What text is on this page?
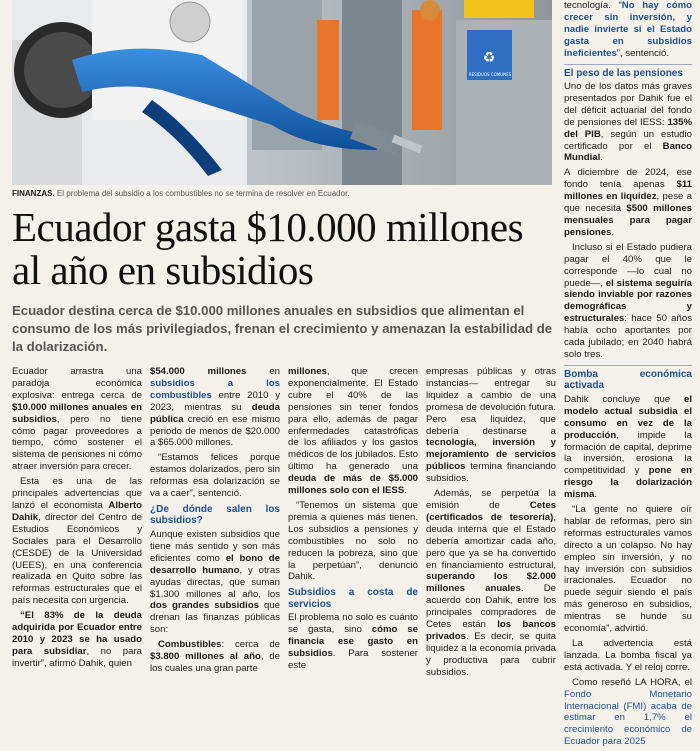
♻
RESIDUOS COMUNES
FINANZAS. El problema del subsidio a los combustibles no se termina de resolver en Ecuador.
Ecuador gasta $10.000 millones al año en subsidios

Ecuador destina cerca de $10.000 millones anuales en subsidios que alimentan el consumo de los más privilegiados, frenan el crecimiento y amenazan la estabilidad de la dolarización.

Ecuador arrastra una paradoja económica explosiva: entrega cerca de $10.000 millones anuales en subsidios, pero no tiene cómo pagar proveedores a tiempo, cómo sostener el sistema de pensiones ni cómo atraer inversión para crecer.

Esta es una de las principales advertencias que lanzó el economista Alberto Dahik, director del Centro de Estudios Económicos y Sociales para el Desarrollo (CESDE) de la Universidad (UEES), en una conferencia realizada en Quito sobre las reformas estructurales que el país necesita con urgencia.

“El 83% de la deuda adquirida por Ecuador entre 2010 y 2023 se ha usado para subsidiar, no para invertir”, afirmó Dahik, quien

$54.000 millones en subsidios a los combustibles entre 2010 y 2023, mientras su deuda pública creció en ese mismo periodo de menos de $20.000 a $65.000 millones.

“Estamos felices porque estamos dolarizados, pero sin reformas esa dolarización se va a caer”, sentenció.

¿De dónde salen los subsidios?

Aunque existen subsidios que tiene más sentido y son más eficientes como el bono de desarrollo humano, y otras ayudas directas, que suman $1.300 millones al año, los dos grandes subsidios que drenan las finanzas públicas son:

Combustibles: cerca de $3.800 millones al año, de los cuales una gran parte

millones, que crecen exponencialmente. El Estado cubre el 40% de las pensiones sin tener fondos para ello, además de pagar enfermedades catastróficas de los afiliados y los gastos médicos de los jubilados. Esto último ha generado una deuda de más de $5.000 millones solo con el IESS.

“Tenemos un sistema que premia a quienes más tienen. Los subsidios a pensiones y combustibles no solo no reducen la pobreza, sino que la perpetúan”, denunció Dahik.

Subsidios a costa de servicios

El problema no solo es cuánto se gasta, sino cómo se financia ese gasto en subsidios. Para sostener este

empresas públicas y otras instancias— entregar su liquidez a cambio de una promesa de devolución futura. Pero esa liquidez, que debería destinarse a tecnología, inversión y mejoramiento de servicios públicos termina financiando subsidios.

Además, se perpetúa la emisión de Cetes (certificados de tesorería), deuda interna que el Estado debería amortizar cada año, pero que ya se ha convertido en financiamiento estructural, superando los $2.000 millones anuales. De acuerdo con Dahik, entre los principales compradores de Cetes están los bancos privados. Es decir, se quita liquidez a la economía privada y productiva para cubrir subsidios.

tecnología. “No hay cómo crecer sin inversión, y nadie invierte si el Estado gasta en subsidios ineficientes”, sentenció.

El peso de las pensiones

Uno de los datos más graves presentados por Dahik fue el del déficit actuarial del fondo de pensiones del IESS: 135% del PIB, según un estudio certificado por el Banco Mundial.

A diciembre de 2024, ese fondo tenía apenas $11 millones en liquidez, pese a que necesita $500 millones mensuales para pagar pensiones.

Incluso si el Estado pudiera pagar el 40% que le corresponde —lo cual no puede—, el sistema seguiría siendo inviable por razones demográficas y estructurales: hace 50 años había ocho aportantes por cada jubilado; en 2040 habrá solo tres.

Bomba económica activada

Dahik concluye que el modelo actual subsidia el consumo en vez de la producción, impide la formación de capital, deprime la inversión, erosiona la competitividad y pone en riesgo la dolarización misma.

“La gente no quiere oír hablar de reformas, pero sin reformas estructurales vamos directo a un colapso. No hay empleo sin inversión, y no hay inversión con subsidios irracionales. Ecuador no puede seguir siendo el país más generoso en subsidios, mientras se hunde su economía”, advirtió.

La advertencia está lanzada. La bomba fiscal ya está activada. Y el reloj corre.

Como reseñó LA HORA, el Fondo Monetario Internacional (FMI) acaba de estimar en 1,7% el crecimiento económico de Ecuador para 2025
